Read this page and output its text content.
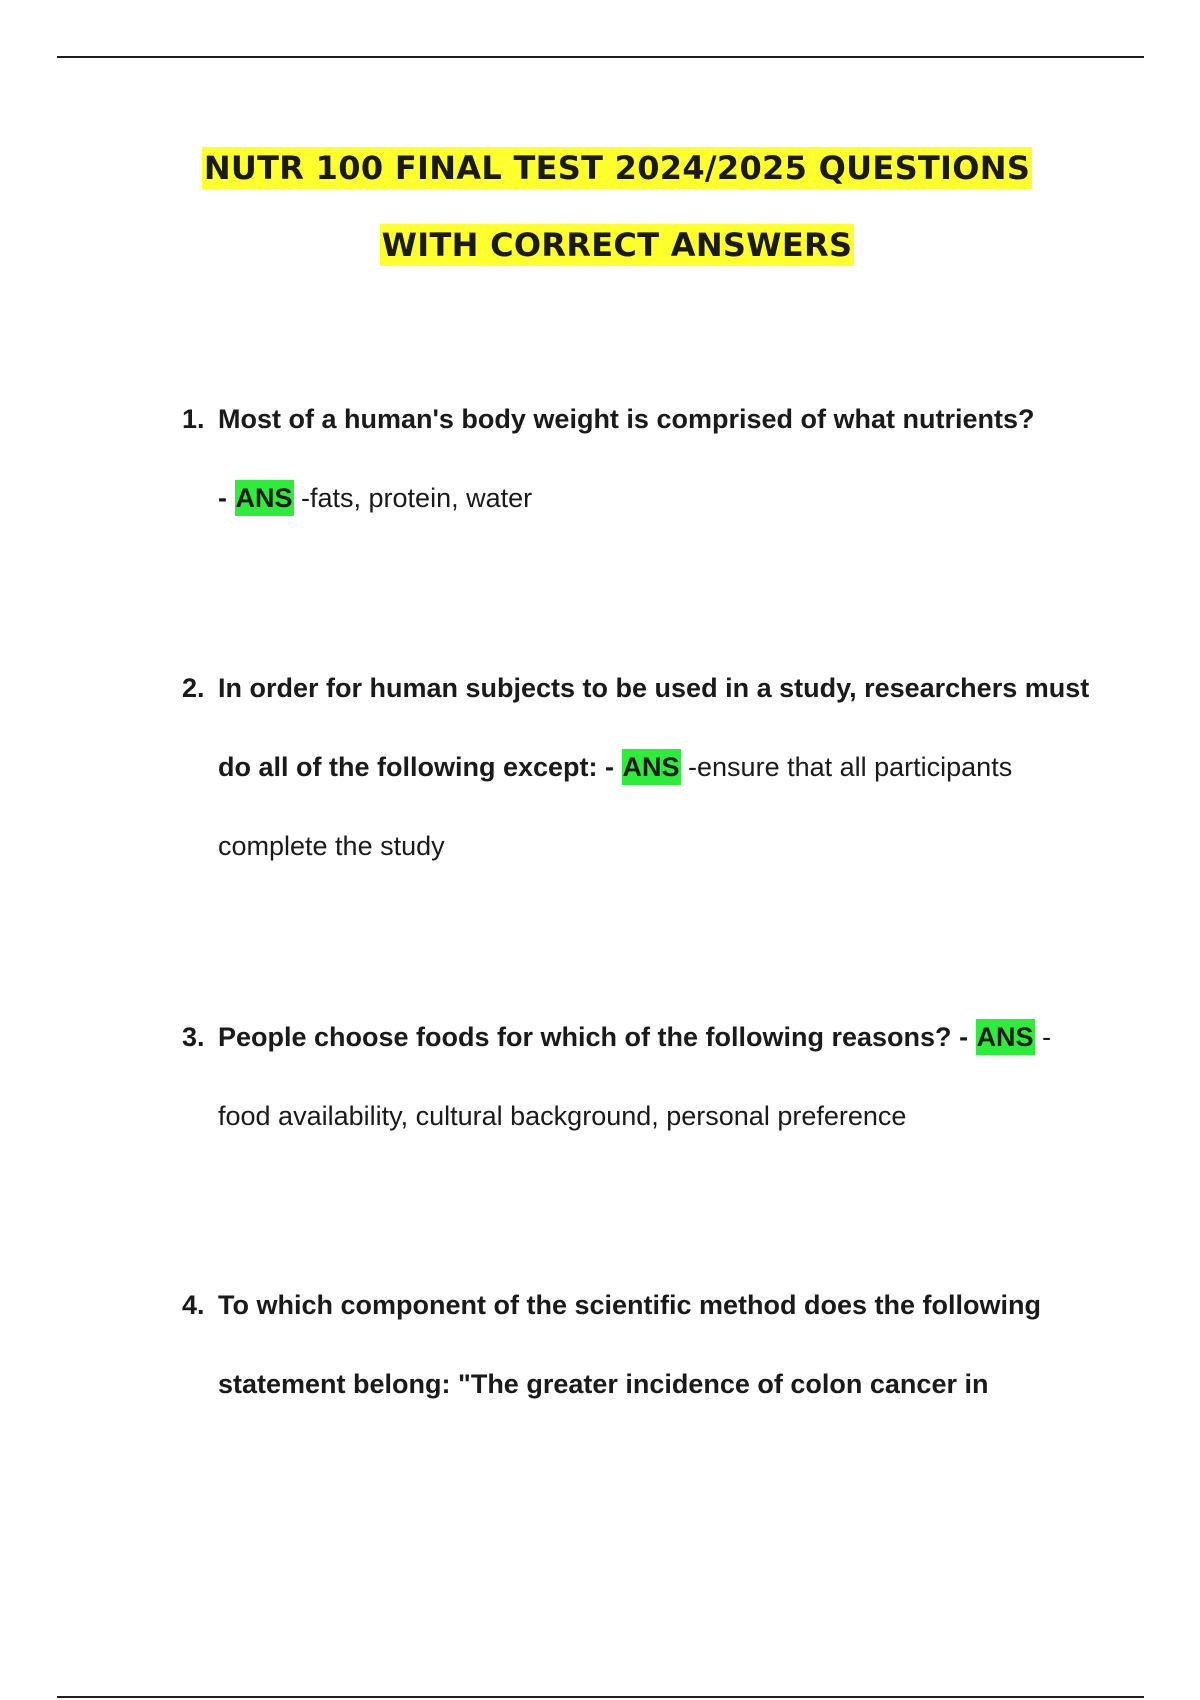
NUTR 100 FINAL TEST 2024/2025 QUESTIONS
WITH CORRECT ANSWERS
1. Most of a human's body weight is comprised of what nutrients?
- ANS -fats, protein, water
2. In order for human subjects to be used in a study, researchers must do all of the following except: - ANS -ensure that all participants complete the study
3. People choose foods for which of the following reasons? - ANS -food availability, cultural background, personal preference
4. To which component of the scientific method does the following statement belong: "The greater incidence of colon cancer in
